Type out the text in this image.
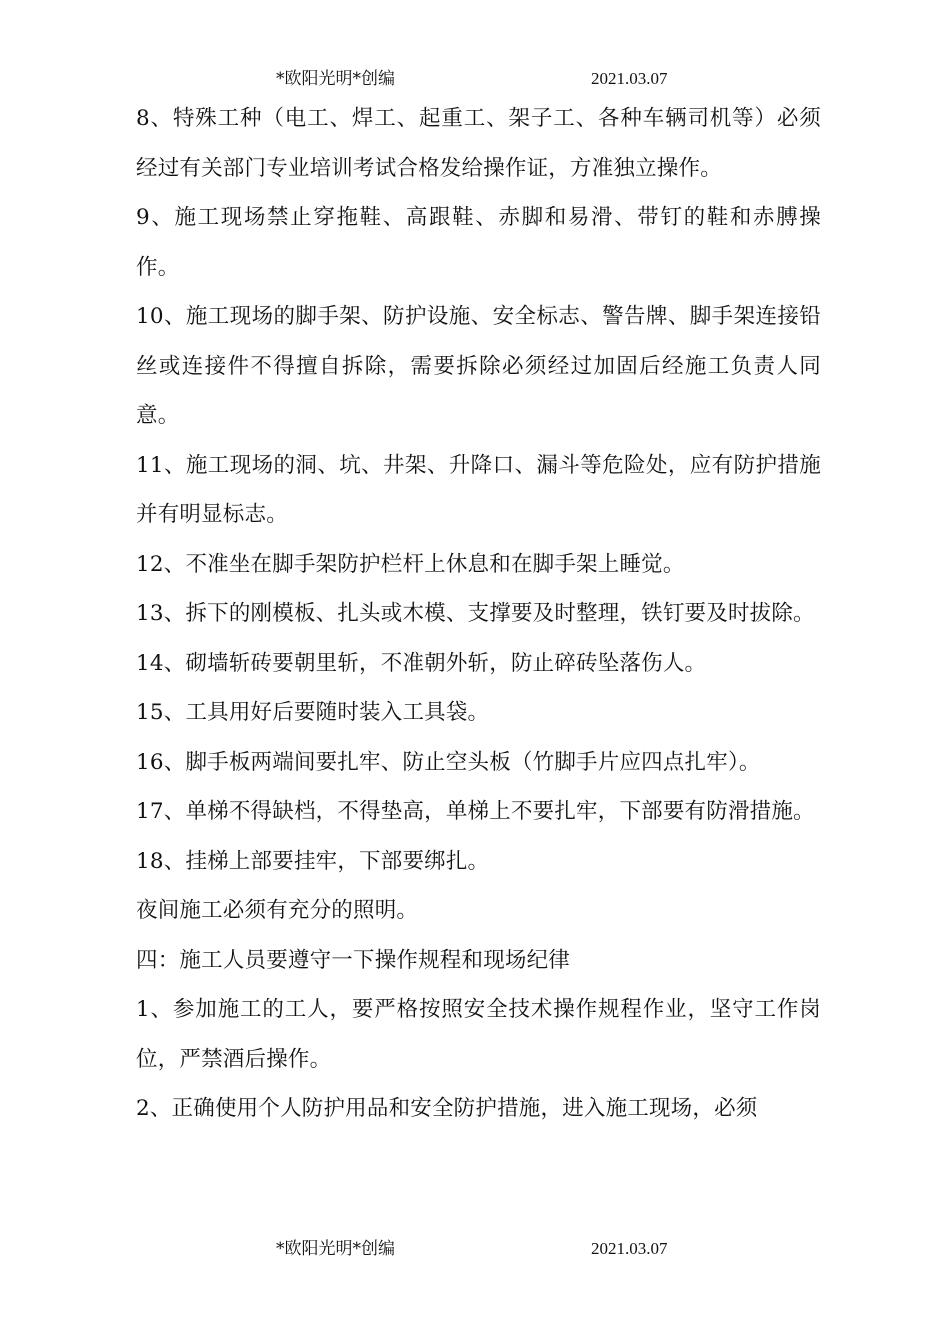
*欧阳光明*创编	2021.03.07

8、特殊工种（电工、焊工、起重工、架子工、各种车辆司机等）必须经过有关部门专业培训考试合格发给操作证，方准独立操作。

9、施工现场禁止穿拖鞋、高跟鞋、赤脚和易滑、带钉的鞋和赤膊操作。

10、施工现场的脚手架、防护设施、安全标志、警告牌、脚手架连接铅丝或连接件不得擅自拆除，需要拆除必须经过加固后经施工负责人同意。

11、施工现场的洞、坑、井架、升降口、漏斗等危险处，应有防护措施并有明显标志。

12、不准坐在脚手架防护栏杆上休息和在脚手架上睡觉。

13、拆下的刚模板、扎头或木模、支撑要及时整理，铁钉要及时拔除。

14、砌墙斩砖要朝里斩，不准朝外斩，防止碎砖坠落伤人。

15、工具用好后要随时装入工具袋。

16、脚手板两端间要扎牢、防止空头板（竹脚手片应四点扎牢）。

17、单梯不得缺档，不得垫高，单梯上不要扎牢，下部要有防滑措施。

18、挂梯上部要挂牢，下部要绑扎。

夜间施工必须有充分的照明。

四：施工人员要遵守一下操作规程和现场纪律

1、参加施工的工人，要严格按照安全技术操作规程作业，坚守工作岗位，严禁酒后操作。

2、正确使用个人防护用品和安全防护措施，进入施工现场，必须

*欧阳光明*创编	2021.03.07
